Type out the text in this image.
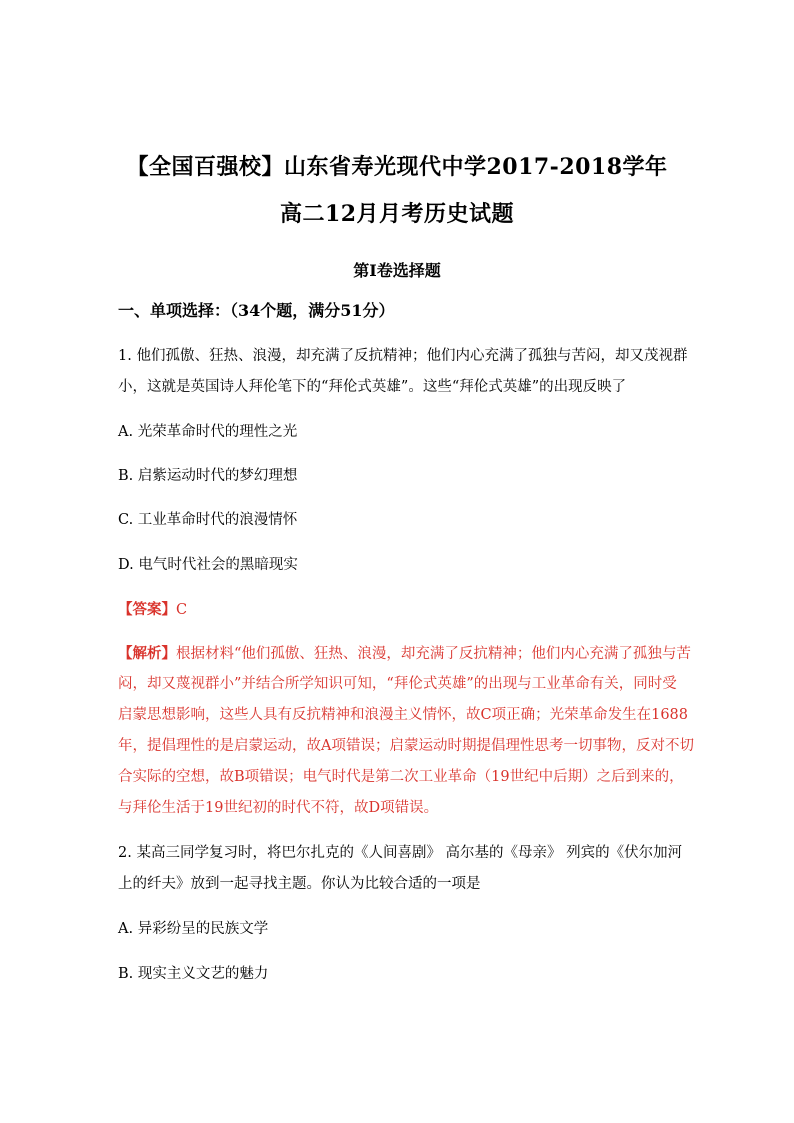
【全国百强校】山东省寿光现代中学2017-2018学年
高二12月月考历史试题
第Ⅰ卷选择题
一、单项选择：（34个题，满分51分）
1. 他们孤傲、狂热、浪漫，却充满了反抗精神；他们内心充满了孤独与苦闷，却又茂视群
小，这就是英国诗人拜伦笔下的“拜伦式英雄”。这些“拜伦式英雄”的出现反映了
A. 光荣革命时代的理性之光
B. 启紫运动时代的梦幻理想
C. 工业革命时代的浪漫情怀
D. 电气时代社会的黑暗现实
【答案】C
【解析】根据材料“他们孤傲、狂热、浪漫，却充满了反抗精神；他们内心充满了孤独与苦
闷，却又蔑视群小”并结合所学知识可知，“拜伦式英雄”的出现与工业革命有关，同时受
启蒙思想影响，这些人具有反抗精神和浪漫主义情怀，故C项正确；光荣革命发生在1688
年，提倡理性的是启蒙运动，故A项错误；启蒙运动时期提倡理性思考一切事物，反对不切
合实际的空想，故B项错误；电气时代是第二次工业革命（19世纪中后期）之后到来的，
与拜伦生活于19世纪初的时代不符，故D项错误。
2. 某高三同学复习时，将巴尔扎克的《人间喜剧》 高尔基的《母亲》 列宾的《伏尔加河
上的纤夫》放到一起寻找主题。你认为比较合适的一项是
A. 异彩纷呈的民族文学
B. 现实主义文艺的魅力
